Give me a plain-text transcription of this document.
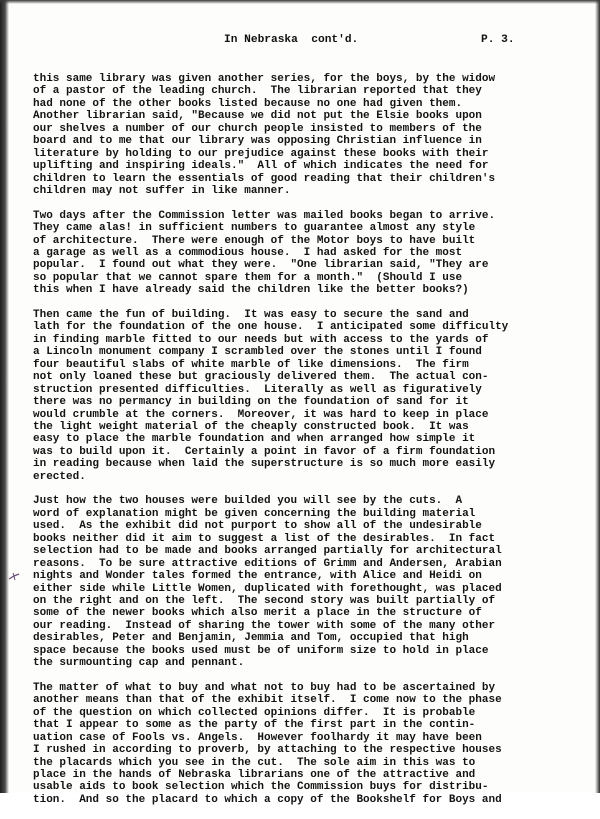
In Nebraska  cont'd.	P. 3.
this same library was given another series, for the boys, by the widow
of a pastor of the leading church.  The librarian reported that they
had none of the other books listed because no one had given them.
Another librarian said, "Because we did not put the Elsie books upon
our shelves a number of our church people insisted to members of the
board and to me that our library was opposing Christian influence in
literature by holding to our prejudice against these books with their
uplifting and inspiring ideals."  All of which indicates the need for
children to learn the essentials of good reading that their children's
children may not suffer in like manner.
Two days after the Commission letter was mailed books began to arrive.
They came alas! in sufficient numbers to guarantee almost any style
of architecture.  There were enough of the Motor boys to have built
a garage as well as a commodious house.  I had asked for the most
popular.  I found out what they were.  "One librarian said, "They are
so popular that we cannot spare them for a month."  (Should I use
this when I have already said the children like the better books?)
Then came the fun of building.  It was easy to secure the sand and
lath for the foundation of the one house.  I anticipated some difficulty
in finding marble fitted to our needs but with access to the yards of
a Lincoln monument company I scrambled over the stones until I found
four beautiful slabs of white marble of like dimensions.  The firm
not only loaned these but graciously delivered them.  The actual con-
struction presented difficulties.  Literally as well as figuratively
there was no permancy in building on the foundation of sand for it
would crumble at the corners.  Moreover, it was hard to keep in place
the light weight material of the cheaply constructed book.  It was
easy to place the marble foundation and when arranged how simple it
was to build upon it.  Certainly a point in favor of a firm foundation
in reading because when laid the superstructure is so much more easily
erected.
Just how the two houses were builded you will see by the cuts.  A
word of explanation might be given concerning the building material
used.  As the exhibit did not purport to show all of the undesirable
books neither did it aim to suggest a list of the desirables.  In fact
selection had to be made and books arranged partially for architectural
reasons.  To be sure attractive editions of Grimm and Andersen, Arabian
nights and Wonder tales formed the entrance, with Alice and Heidi on
either side while Little Women, duplicated with forethought, was placed
on the right and on the left.  The second story was built partially of
some of the newer books which also merit a place in the structure of
our reading.  Instead of sharing the tower with some of the many other
desirables, Peter and Benjamin, Jemmia and Tom, occupied that high
space because the books used must be of uniform size to hold in place
the surmounting cap and pennant.
The matter of what to buy and what not to buy had to be ascertained by
another means than that of the exhibit itself.  I come now to the phase
of the question on which collected opinions differ.  It is probable
that I appear to some as the party of the first part in the contin-
uation case of Fools vs. Angels.  However foolhardy it may have been
I rushed in according to proverb, by attaching to the respective houses
the placards which you see in the cut.  The sole aim in this was to
place in the hands of Nebraska librarians one of the attractive and
usable aids to book selection which the Commission buys for distribu-
tion.  And so the placard to which a copy of the Bookshelf for Boys and
